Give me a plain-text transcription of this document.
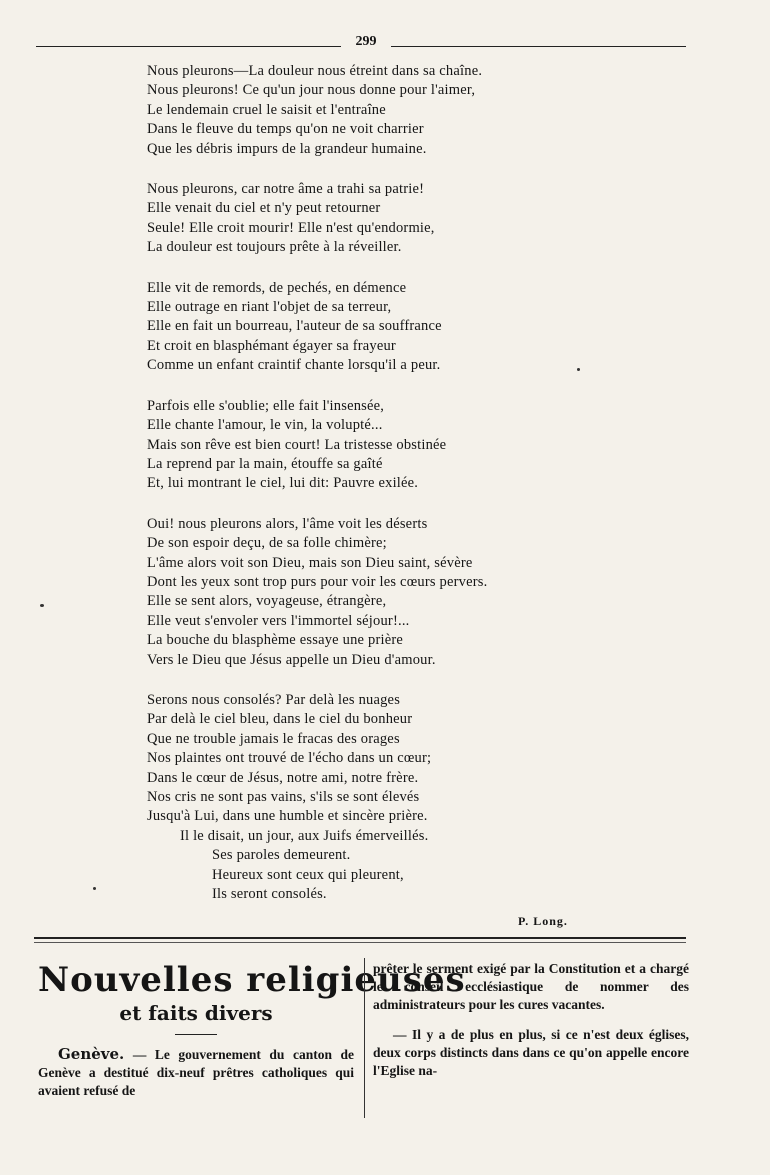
299
Nous pleurons—La douleur nous étreint dans sa chaîne.
Nous pleurons! Ce qu'un jour nous donne pour l'aimer,
Le lendemain cruel le saisit et l'entraîne
Dans le fleuve du temps qu'on ne voit charrier
Que les débris impurs de la grandeur humaine.
Nous pleurons, car notre âme a trahi sa patrie!
Elle venait du ciel et n'y peut retourner
Seule! Elle croit mourir! Elle n'est qu'endormie,
La douleur est toujours prête à la réveiller.
Elle vit de remords, de pechés, en démence
Elle outrage en riant l'objet de sa terreur,
Elle en fait un bourreau, l'auteur de sa souffrance
Et croit en blasphémant égayer sa frayeur
Comme un enfant craintif chante lorsqu'il a peur.
Parfois elle s'oublie; elle fait l'insensée,
Elle chante l'amour, le vin, la volupté...
Mais son rêve est bien court! La tristesse obstinée
La reprend par la main, étouffe sa gaîté
Et, lui montrant le ciel, lui dit: Pauvre exilée.
Oui! nous pleurons alors, l'âme voit les déserts
De son espoir deçu, de sa folle chimère;
L'âme alors voit son Dieu, mais son Dieu saint, sévère
Dont les yeux sont trop purs pour voir les cœurs pervers.
Elle se sent alors, voyageuse, étrangère,
Elle veut s'envoler vers l'immortel séjour!...
La bouche du blasphème essaye une prière
Vers le Dieu que Jésus appelle un Dieu d'amour.
Serons nous consolés? Par delà les nuages
Par delà le ciel bleu, dans le ciel du bonheur
Que ne trouble jamais le fracas des orages
Nos plaintes ont trouvé de l'écho dans un cœur;
Dans le cœur de Jésus, notre ami, notre frère.
Nos cris ne sont pas vains, s'ils se sont élevés
Jusqu'à Lui, dans une humble et sincère prière.
Il le disait, un jour, aux Juifs émerveillés.
Ses paroles demeurent.
Heureux sont ceux qui pleurent,
Ils seront consolés.
P. Long.
Nouvelles religieuses
et faits divers
Genève. — Le gouvernement du canton de Genève a destitué dix-neuf prêtres catholiques qui avaient refusé de
prêter le serment exigé par la Constitution et a chargé le conseil ecclésiastique de nommer des administrateurs pour les cures vacantes.
— Il y a de plus en plus, si ce n'est deux églises, deux corps distincts dans dans ce qu'on appelle encore l'Eglise na-
